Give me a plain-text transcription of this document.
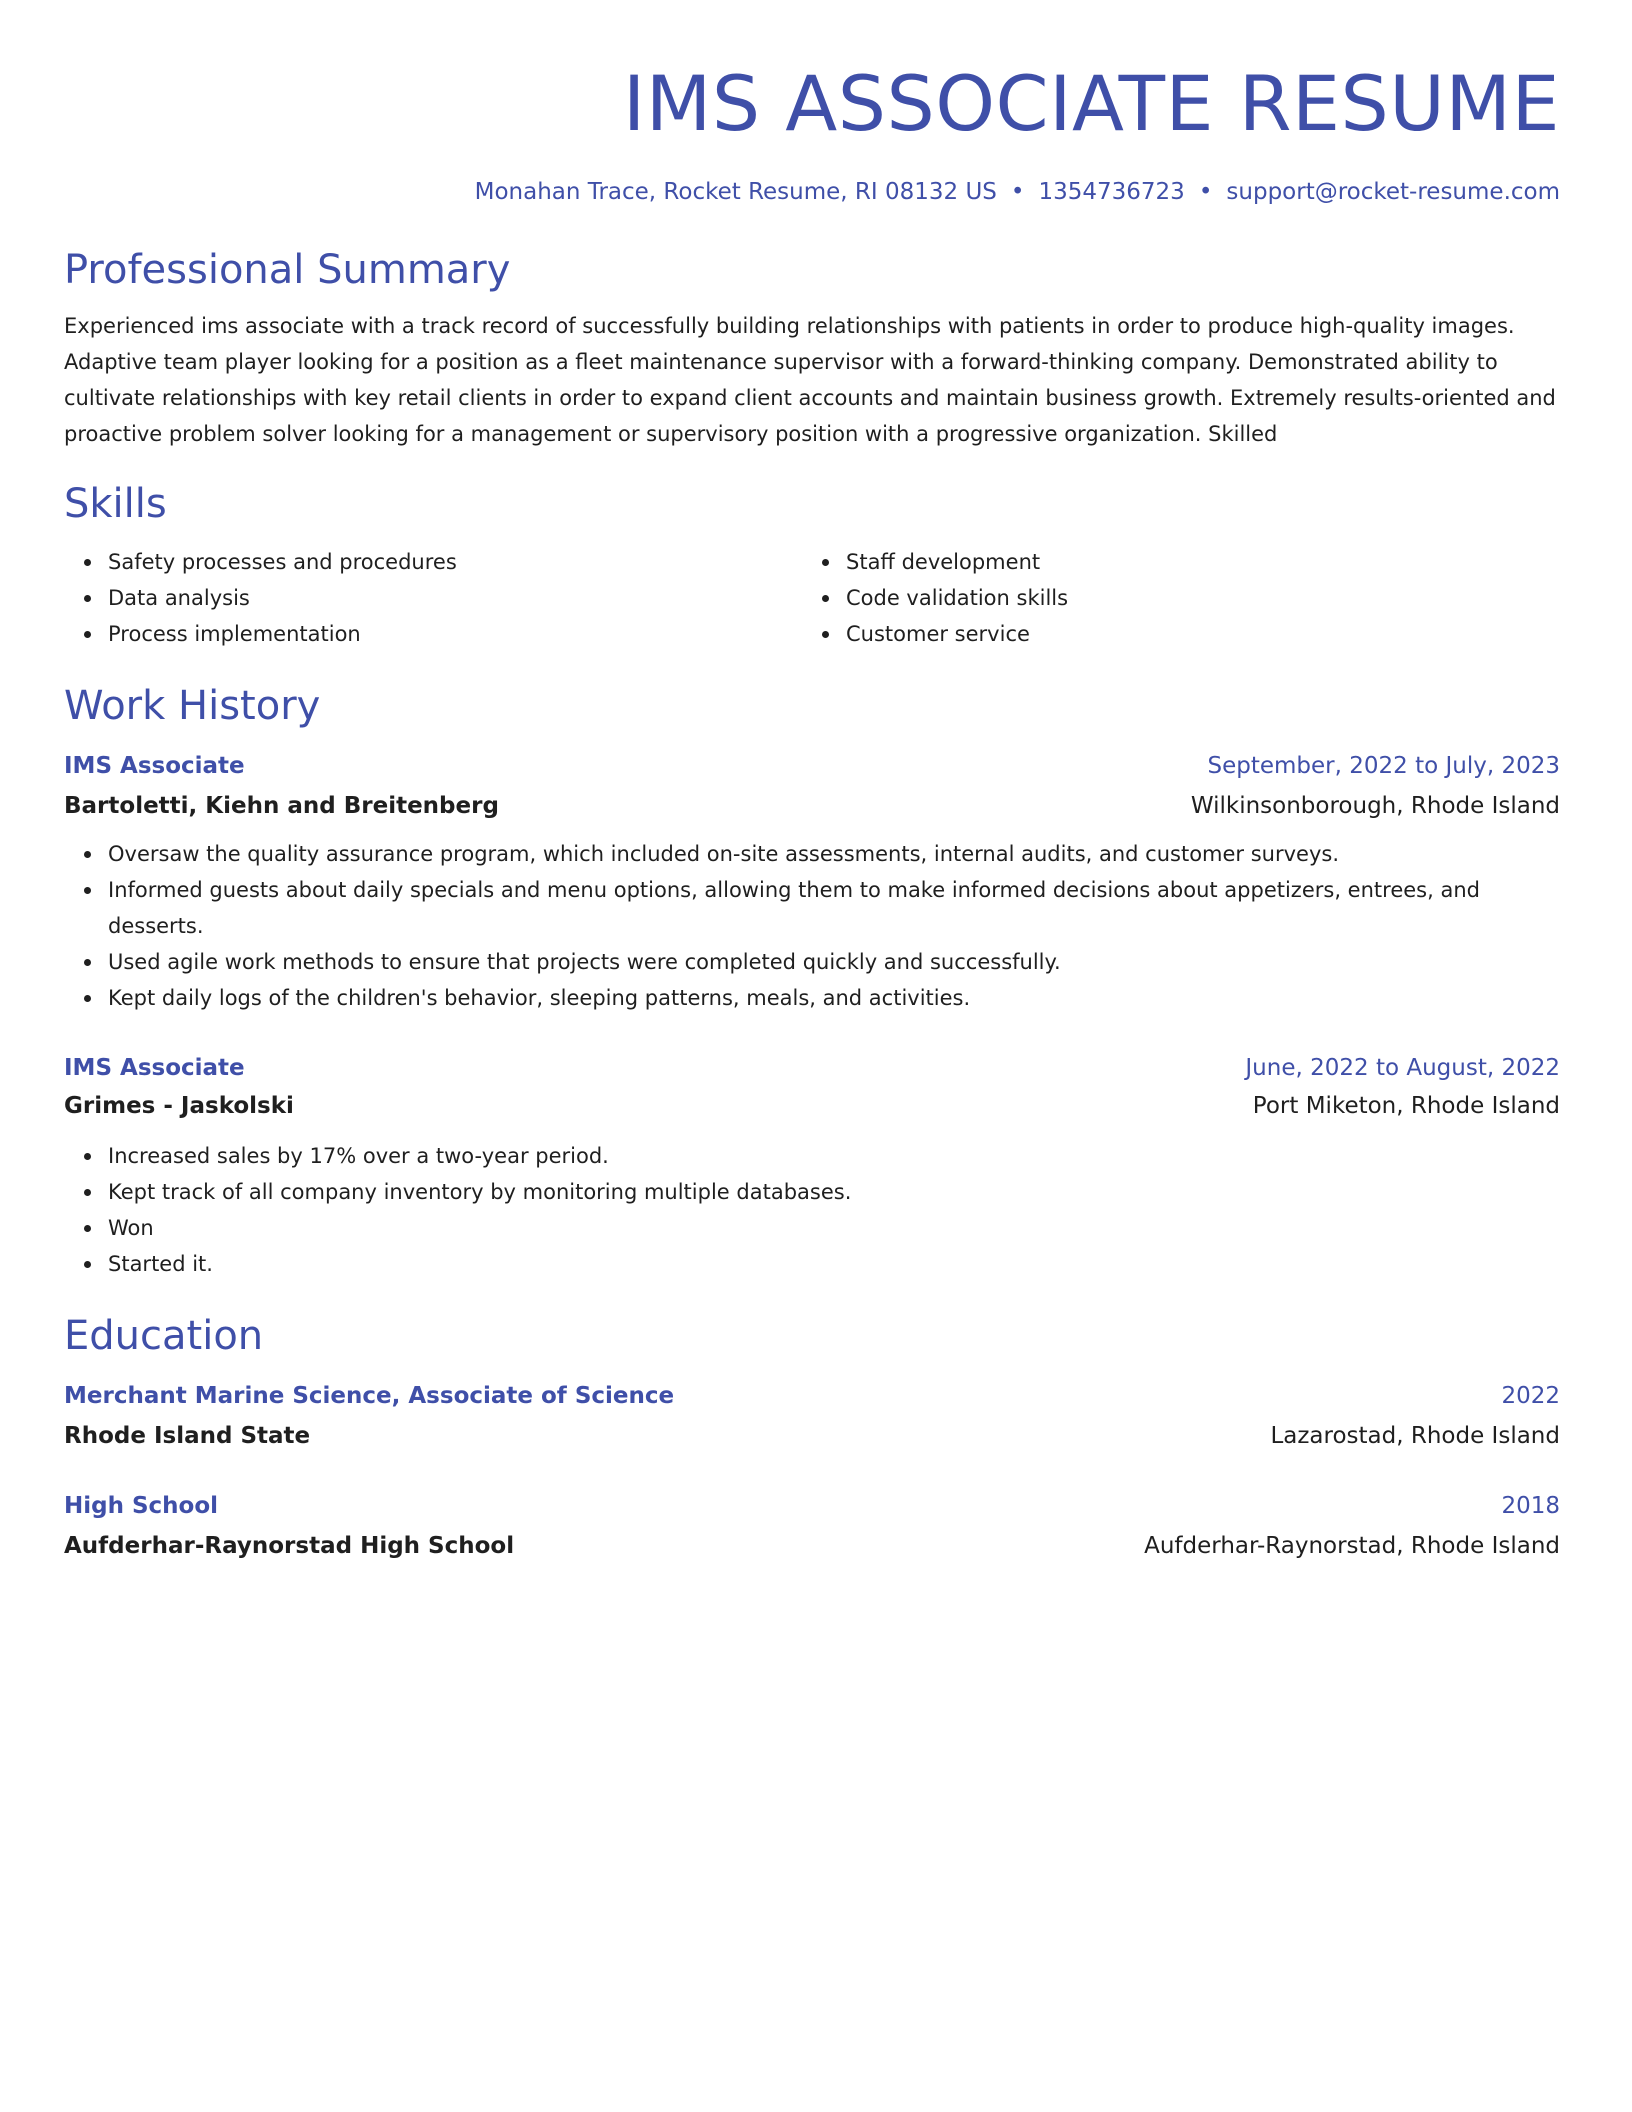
IMS ASSOCIATE RESUME
Monahan Trace, Rocket Resume, RI 08132 US • 1354736723 • support@rocket-resume.com
Professional Summary
Experienced ims associate with a track record of successfully building relationships with patients in order to produce high-quality images. Adaptive team player looking for a position as a fleet maintenance supervisor with a forward-thinking company. Demonstrated ability to cultivate relationships with key retail clients in order to expand client accounts and maintain business growth. Extremely results-oriented and proactive problem solver looking for a management or supervisory position with a progressive organization. Skilled
Skills
Safety processes and procedures
Data analysis
Process implementation
Staff development
Code validation skills
Customer service
Work History
IMS Associate	September, 2022 to July, 2023
Bartoletti, Kiehn and Breitenberg	Wilkinsonborough, Rhode Island
Oversaw the quality assurance program, which included on-site assessments, internal audits, and customer surveys.
Informed guests about daily specials and menu options, allowing them to make informed decisions about appetizers, entrees, and desserts.
Used agile work methods to ensure that projects were completed quickly and successfully.
Kept daily logs of the children's behavior, sleeping patterns, meals, and activities.
IMS Associate	June, 2022 to August, 2022
Grimes - Jaskolski	Port Miketon, Rhode Island
Increased sales by 17% over a two-year period.
Kept track of all company inventory by monitoring multiple databases.
Won
Started it.
Education
Merchant Marine Science, Associate of Science	2022
Rhode Island State	Lazarostad, Rhode Island
High School	2018
Aufderhar-Raynorstad High School	Aufderhar-Raynorstad, Rhode Island
